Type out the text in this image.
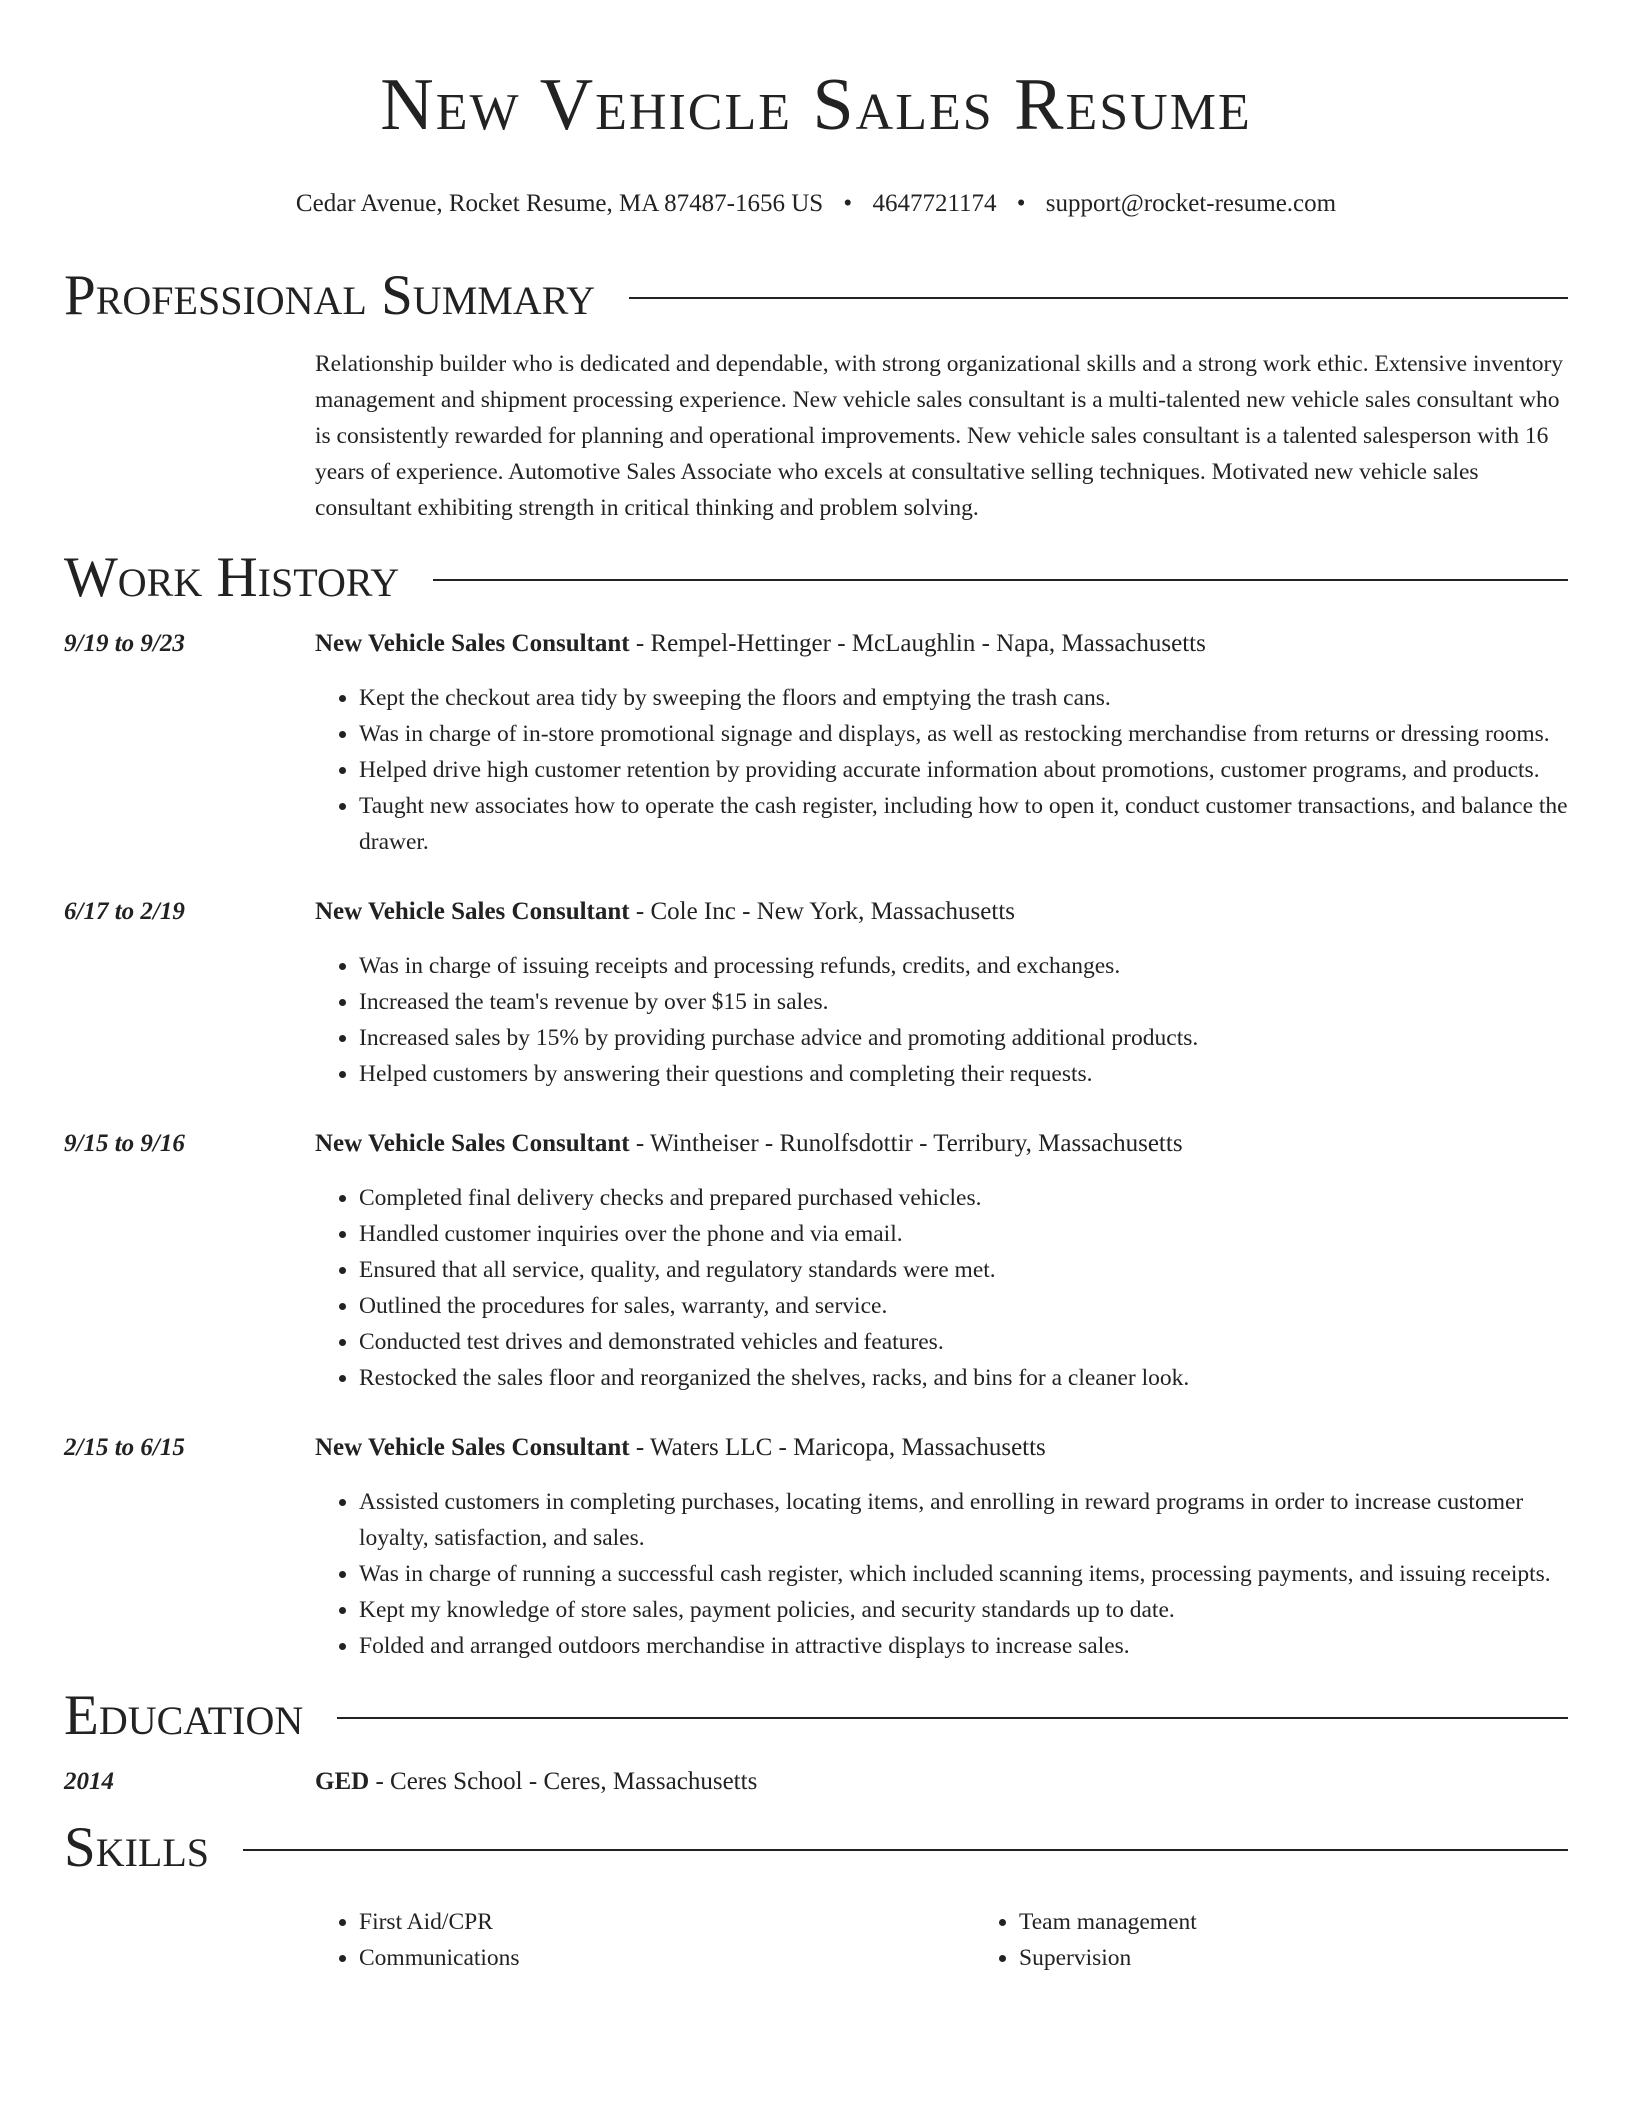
New Vehicle Sales Resume
Cedar Avenue, Rocket Resume, MA 87487-1656 US • 4647721174 • support@rocket-resume.com
Professional Summary
Relationship builder who is dedicated and dependable, with strong organizational skills and a strong work ethic. Extensive inventory management and shipment processing experience. New vehicle sales consultant is a multi-talented new vehicle sales consultant who is consistently rewarded for planning and operational improvements. New vehicle sales consultant is a talented salesperson with 16 years of experience. Automotive Sales Associate who excels at consultative selling techniques. Motivated new vehicle sales consultant exhibiting strength in critical thinking and problem solving.
Work History
9/19 to 9/23	New Vehicle Sales Consultant - Rempel-Hettinger - McLaughlin - Napa, Massachusetts
• Kept the checkout area tidy by sweeping the floors and emptying the trash cans.
• Was in charge of in-store promotional signage and displays, as well as restocking merchandise from returns or dressing rooms.
• Helped drive high customer retention by providing accurate information about promotions, customer programs, and products.
• Taught new associates how to operate the cash register, including how to open it, conduct customer transactions, and balance the drawer.
6/17 to 2/19	New Vehicle Sales Consultant - Cole Inc - New York, Massachusetts
• Was in charge of issuing receipts and processing refunds, credits, and exchanges.
• Increased the team's revenue by over $15 in sales.
• Increased sales by 15% by providing purchase advice and promoting additional products.
• Helped customers by answering their questions and completing their requests.
9/15 to 9/16	New Vehicle Sales Consultant - Wintheiser - Runolfsdottir - Terribury, Massachusetts
• Completed final delivery checks and prepared purchased vehicles.
• Handled customer inquiries over the phone and via email.
• Ensured that all service, quality, and regulatory standards were met.
• Outlined the procedures for sales, warranty, and service.
• Conducted test drives and demonstrated vehicles and features.
• Restocked the sales floor and reorganized the shelves, racks, and bins for a cleaner look.
2/15 to 6/15	New Vehicle Sales Consultant - Waters LLC - Maricopa, Massachusetts
• Assisted customers in completing purchases, locating items, and enrolling in reward programs in order to increase customer loyalty, satisfaction, and sales.
• Was in charge of running a successful cash register, which included scanning items, processing payments, and issuing receipts.
• Kept my knowledge of store sales, payment policies, and security standards up to date.
• Folded and arranged outdoors merchandise in attractive displays to increase sales.
Education
2014	GED - Ceres School - Ceres, Massachusetts
Skills
• First Aid/CPR
• Communications
• Team management
• Supervision
